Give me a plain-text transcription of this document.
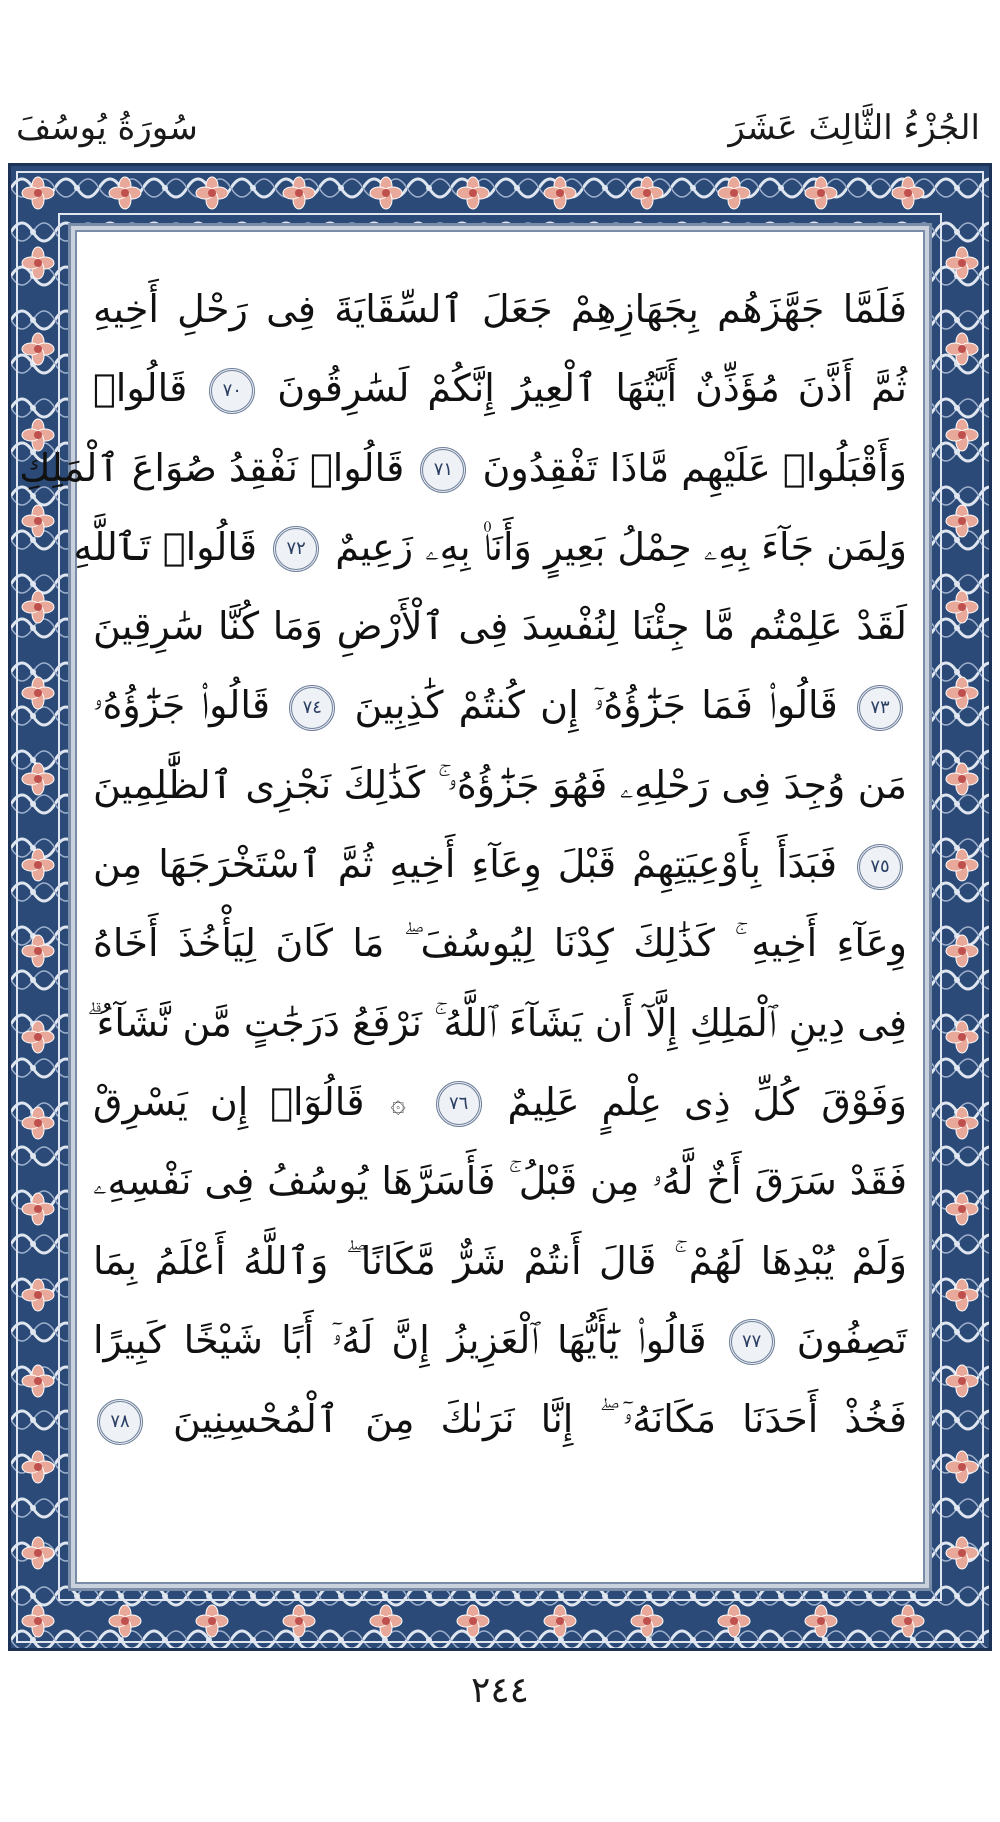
الجُزْءُ الثَّالِثَ عَشَرَ
سُورَةُ يُوسُفَ
فَلَمَّا جَهَّزَهُم بِجَهَازِهِمْ جَعَلَ ٱلسِّقَايَةَ فِى رَحْلِ أَخِيهِ
ثُمَّ أَذَّنَ مُؤَذِّنٌ أَيَّتُهَا ٱلْعِيرُ إِنَّكُمْ لَسَٰرِقُونَ ٧٠ قَالُوا۟
وَأَقْبَلُوا۟ عَلَيْهِم مَّاذَا تَفْقِدُونَ ٧١ قَالُوا۟ نَفْقِدُ صُوَاعَ ٱلْمَلِكِ
وَلِمَن جَآءَ بِهِۦ حِمْلُ بَعِيرٍ وَأَنَا۠ بِهِۦ زَعِيمٌ ٧٢ قَالُوا۟ تَٱللَّهِ
لَقَدْ عَلِمْتُم مَّا جِئْنَا لِنُفْسِدَ فِى ٱلْأَرْضِ وَمَا كُنَّا سَٰرِقِينَ
٧٣ قَالُوا۟ فَمَا جَزَٰٓؤُهُۥٓ إِن كُنتُمْ كَٰذِبِينَ ٧٤ قَالُوا۟ جَزَٰٓؤُهُۥ
مَن وُجِدَ فِى رَحْلِهِۦ فَهُوَ جَزَٰٓؤُهُۥ ۚ كَذَٰلِكَ نَجْزِى ٱلظَّٰلِمِينَ
٧٥ فَبَدَأَ بِأَوْعِيَتِهِمْ قَبْلَ وِعَآءِ أَخِيهِ ثُمَّ ٱسْتَخْرَجَهَا مِن
وِعَآءِ أَخِيهِ ۚ كَذَٰلِكَ كِدْنَا لِيُوسُفَ ۖ مَا كَانَ لِيَأْخُذَ أَخَاهُ
فِى دِينِ ٱلْمَلِكِ إِلَّآ أَن يَشَآءَ ٱللَّهُ ۚ نَرْفَعُ دَرَجَٰتٍ مَّن نَّشَآءُ ۗ
وَفَوْقَ كُلِّ ذِى عِلْمٍ عَلِيمٌ ٧٦ ۞ قَالُوٓا۟ إِن يَسْرِقْ
فَقَدْ سَرَقَ أَخٌ لَّهُۥ مِن قَبْلُ ۚ فَأَسَرَّهَا يُوسُفُ فِى نَفْسِهِۦ
وَلَمْ يُبْدِهَا لَهُمْ ۚ قَالَ أَنتُمْ شَرٌّ مَّكَانًا ۖ وَٱللَّهُ أَعْلَمُ بِمَا
تَصِفُونَ ٧٧ قَالُوا۟ يَٰٓأَيُّهَا ٱلْعَزِيزُ إِنَّ لَهُۥٓ أَبًا شَيْخًا كَبِيرًا
فَخُذْ أَحَدَنَا مَكَانَهُۥٓ ۖ إِنَّا نَرَىٰكَ مِنَ ٱلْمُحْسِنِينَ ٧٨
٢٤٤
